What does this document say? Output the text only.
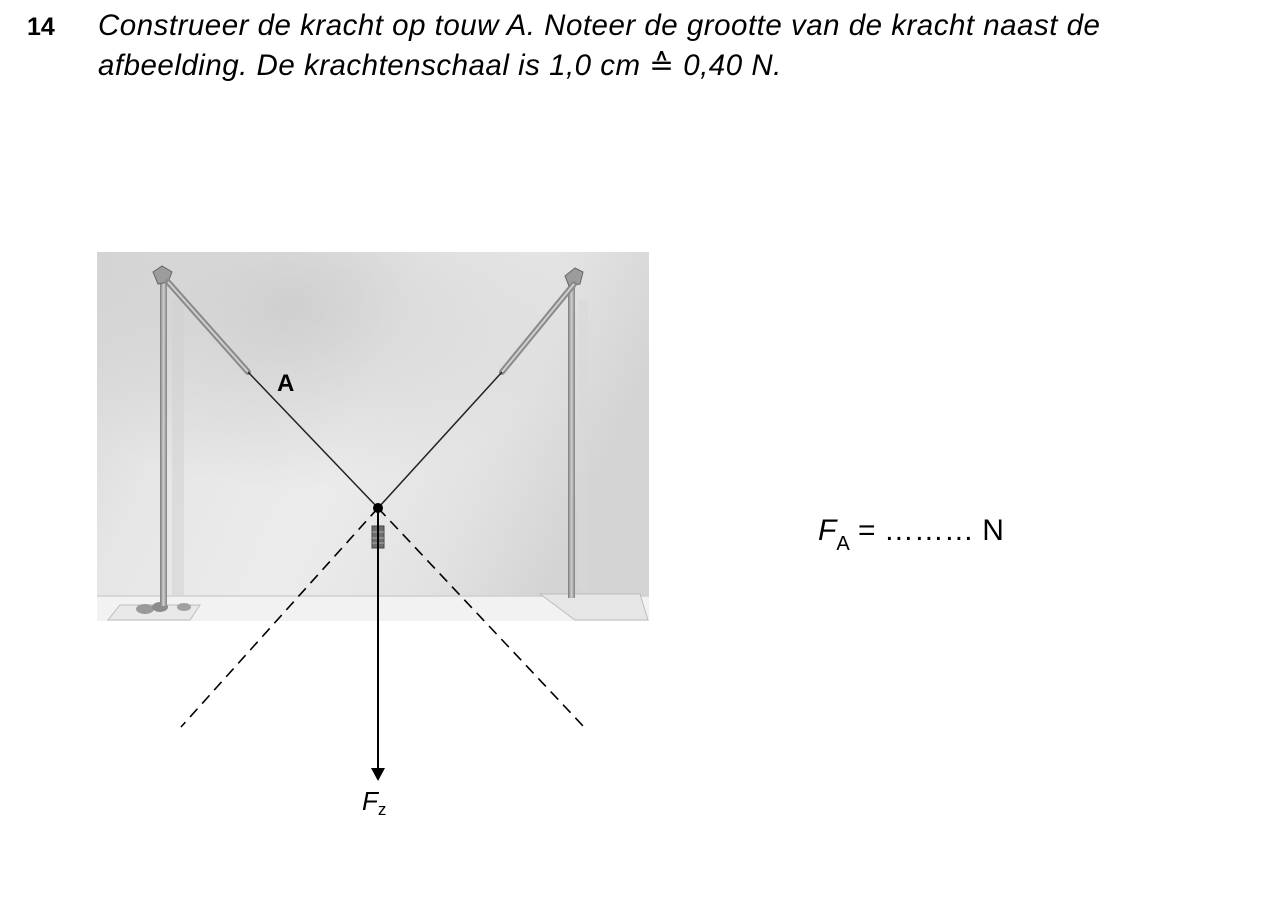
14 Construeer de kracht op touw A. Noteer de grootte van de kracht naast de
afbeelding. De krachtenschaal is 1,0 cm ≙ 0,40 N.
A
Fz
$F_A$ = ……… N
